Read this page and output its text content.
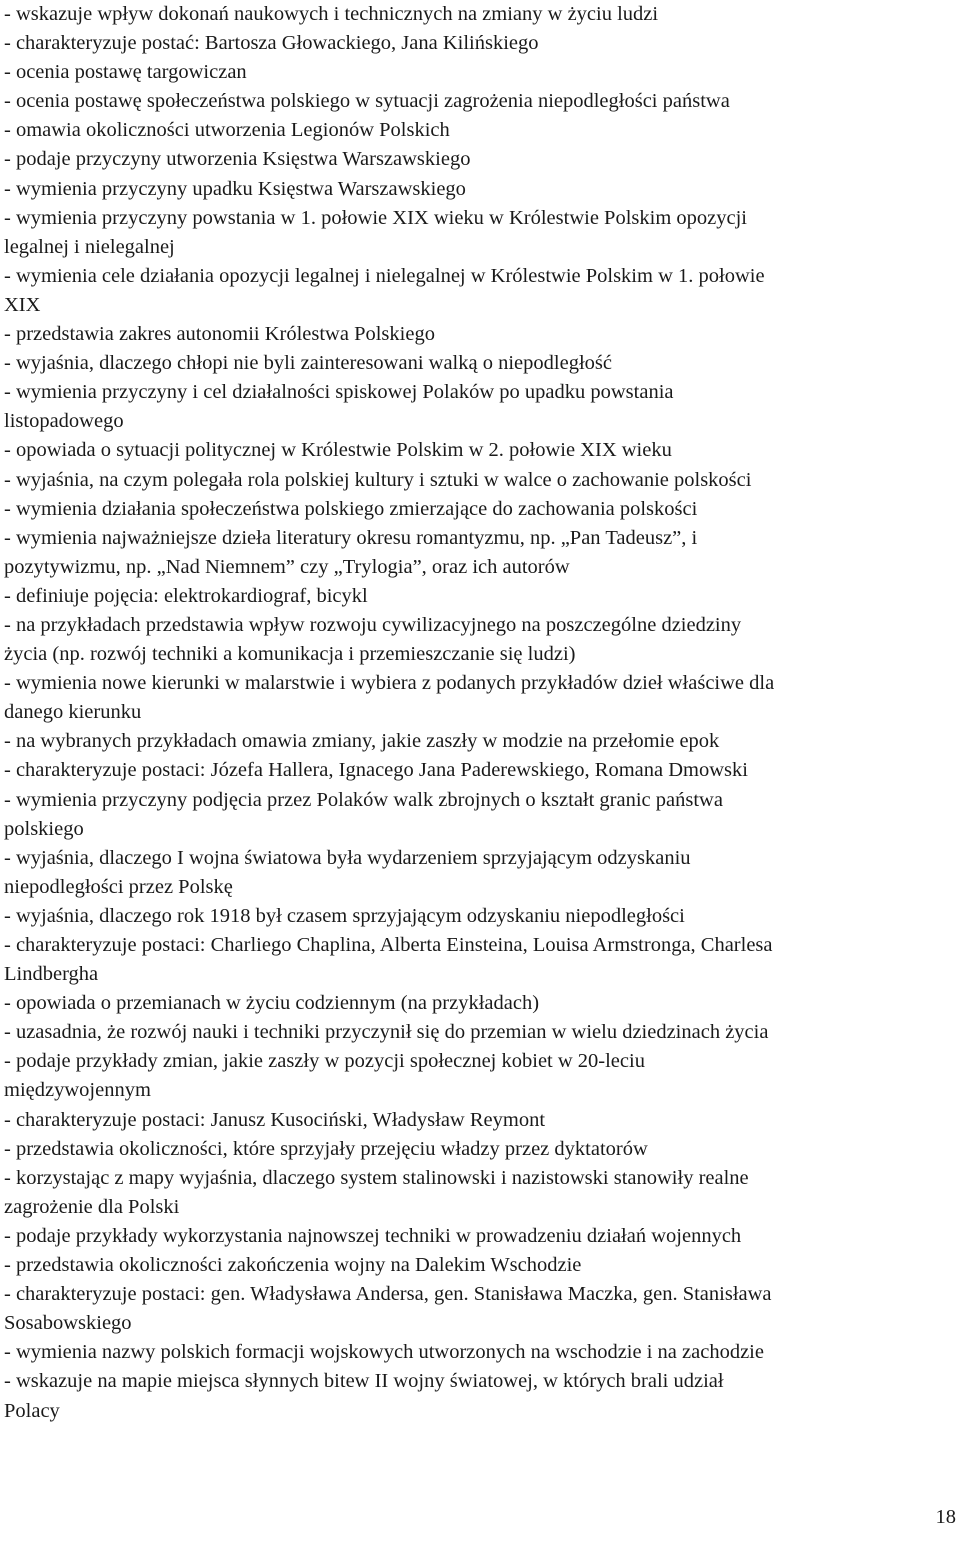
- wskazuje wpływ dokonań naukowych i technicznych na zmiany w życiu ludzi
- charakteryzuje postać: Bartosza Głowackiego, Jana Kilińskiego
- ocenia postawę targowiczan
- ocenia postawę społeczeństwa polskiego w sytuacji zagrożenia niepodległości państwa
- omawia okoliczności utworzenia Legionów Polskich
- podaje przyczyny utworzenia Księstwa Warszawskiego
- wymienia przyczyny upadku Księstwa Warszawskiego
- wymienia przyczyny powstania w 1. połowie XIX wieku w Królestwie Polskim opozycji
legalnej i nielegalnej
- wymienia cele działania opozycji legalnej i nielegalnej w Królestwie Polskim w 1. połowie
XIX
- przedstawia zakres autonomii Królestwa Polskiego
- wyjaśnia, dlaczego chłopi nie byli zainteresowani walką o niepodległość
- wymienia przyczyny i cel działalności spiskowej Polaków po upadku powstania
listopadowego
- opowiada o sytuacji politycznej w Królestwie Polskim w 2. połowie XIX wieku
- wyjaśnia, na czym polegała rola polskiej kultury i sztuki w walce o zachowanie polskości
- wymienia działania społeczeństwa polskiego zmierzające do zachowania polskości
- wymienia najważniejsze dzieła literatury okresu romantyzmu, np. „Pan Tadeusz”, i
pozytywizmu, np. „Nad Niemnem” czy „Trylogia”, oraz ich autorów
- definiuje pojęcia: elektrokardiograf, bicykl
- na przykładach przedstawia wpływ rozwoju cywilizacyjnego na poszczególne dziedziny
życia (np. rozwój techniki a komunikacja i przemieszczanie się ludzi)
- wymienia nowe kierunki w malarstwie i wybiera z podanych przykładów dzieł właściwe dla
danego kierunku
- na wybranych przykładach omawia zmiany, jakie zaszły w modzie na przełomie epok
- charakteryzuje postaci: Józefa Hallera, Ignacego Jana Paderewskiego, Romana Dmowski
- wymienia przyczyny podjęcia przez Polaków walk zbrojnych o kształt granic państwa
polskiego
- wyjaśnia, dlaczego I wojna światowa była wydarzeniem sprzyjającym odzyskaniu
niepodległości przez Polskę
- wyjaśnia, dlaczego rok 1918 był czasem sprzyjającym odzyskaniu niepodległości
- charakteryzuje postaci: Charliego Chaplina, Alberta Einsteina, Louisa Armstronga, Charlesa
Lindbergha
- opowiada o przemianach w życiu codziennym (na przykładach)
- uzasadnia, że rozwój nauki i techniki przyczynił się do przemian w wielu dziedzinach życia
- podaje przykłady zmian, jakie zaszły w pozycji społecznej kobiet w 20-leciu
międzywojennym
- charakteryzuje postaci: Janusz Kusociński, Władysław Reymont
- przedstawia okoliczności, które sprzyjały przejęciu władzy przez dyktatorów
- korzystając z mapy wyjaśnia, dlaczego system stalinowski i nazistowski stanowiły realne
zagrożenie dla Polski
- podaje przykłady wykorzystania najnowszej techniki w prowadzeniu działań wojennych
- przedstawia okoliczności zakończenia wojny na Dalekim Wschodzie
- charakteryzuje postaci: gen. Władysława Andersa, gen. Stanisława Maczka, gen. Stanisława
Sosabowskiego
- wymienia nazwy polskich formacji wojskowych utworzonych na wschodzie i na zachodzie
- wskazuje na mapie miejsca słynnych bitew II wojny światowej, w których brali udział
Polacy
18
